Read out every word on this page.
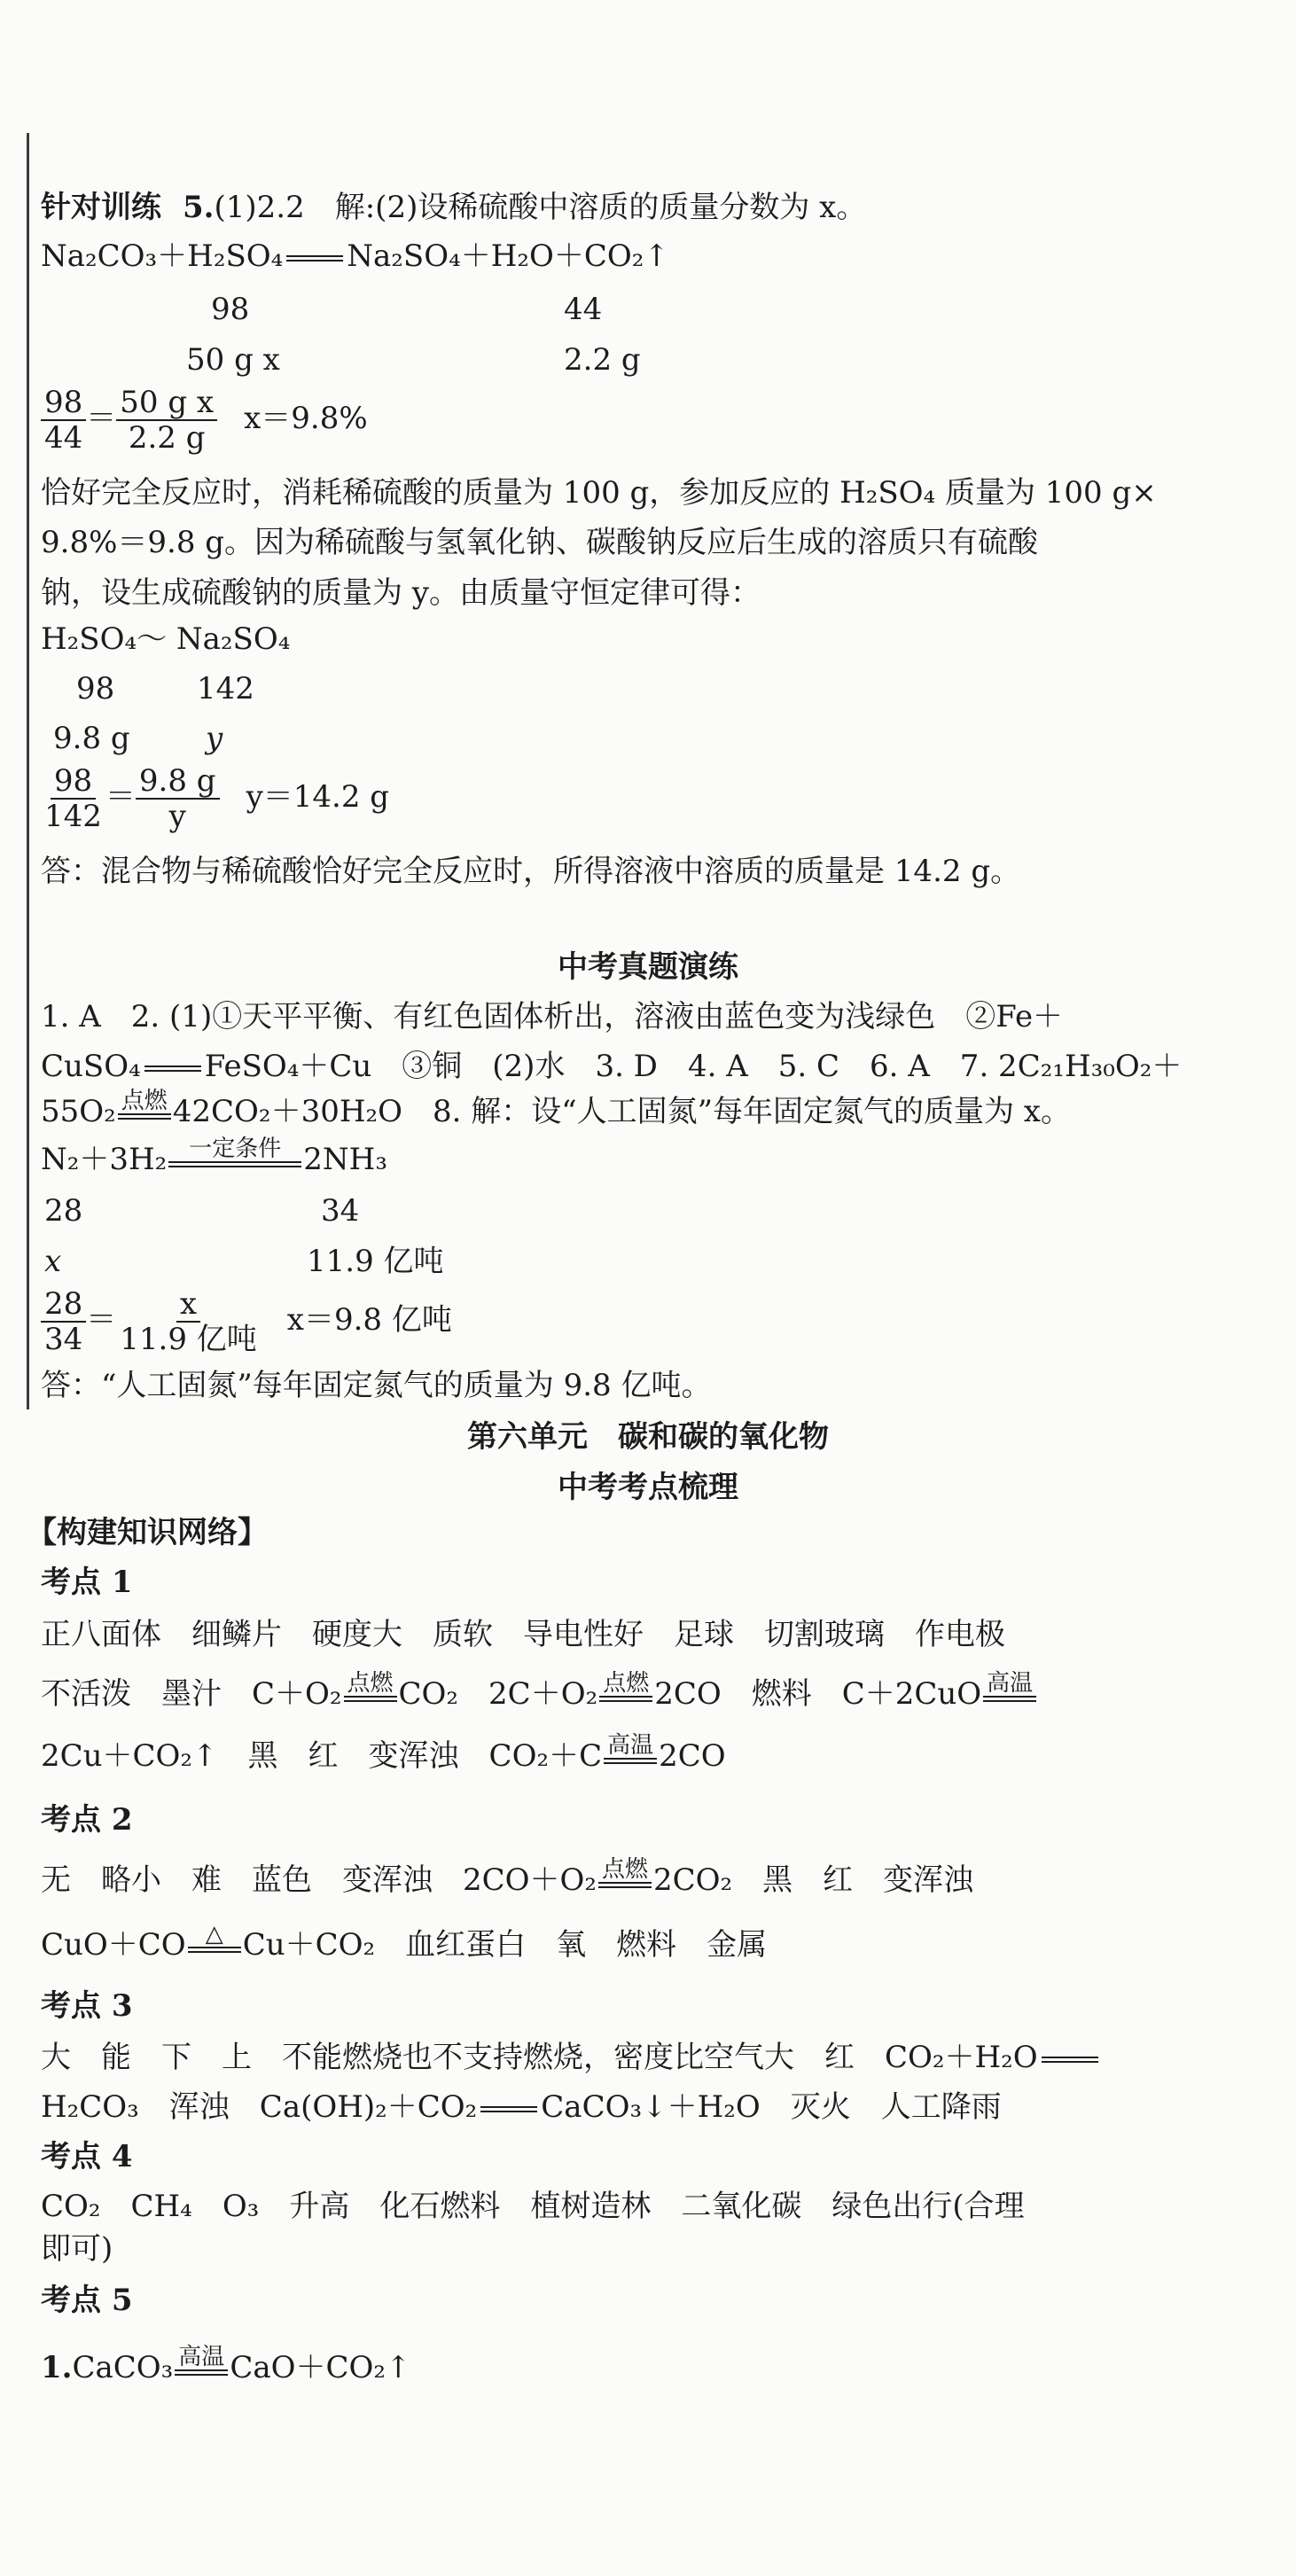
针对训练 5.(1)2.2　解:(2)设稀硫酸中溶质的质量分数为 x。
Na₂CO₃＋H₂SO₄ Na₂SO₄＋H₂O＋CO₂↑
98	44
50 g x	2.2 g
$\frac{98}{44} = \frac{\text{50 g x}}{2.2 g} x=9.8\%$
恰好完全反应时，消耗稀硫酸的质量为 100 g，参加反应的 H₂SO₄ 质量为 100 g×
9.8%＝9.8 g。因为稀硫酸与氢氧化钠、碳酸钠反应后生成的溶质只有硫酸
钠，设生成硫酸钠的质量为 y。由质量守恒定律可得：
H₂SO₄～ Na₂SO₄
98	142
9.8 g	y
$\frac{98}{142} = \frac{9.8 g}{y} y=14.2$ g
答：混合物与稀硫酸恰好完全反应时，所得溶液中溶质的质量是 14.2 g。
中考真题演练
1. A　2. (1)①天平平衡、有红色固体析出，溶液由蓝色变为浅绿色　②Fe＋
CuSO₄ FeSO₄＋Cu　③铜　(2)水　3. D　4. A　5. C　6. A　7. 2C₂₁H₃₀O₂＋
55O₂ 点燃 42CO₂＋30H₂O　8. 解：设“人工固氮”每年固定氮气的质量为 x。
N₂＋3H₂ 一定条件 2NH₃
28	34
x	11.9 亿吨
$\frac{28}{34} = \frac{x}{\text{11.9 亿吨}} x=9.8$ 亿吨
答：“人工固氮”每年固定氮气的质量为 9.8 亿吨。
第六单元　碳和碳的氧化物
中考考点梳理
【构建知识网络】
考点 1
正八面体　细鳞片　硬度大　质软　导电性好　足球　切割玻璃　作电极
不活泼　墨汁　C＋O₂ 点燃 CO₂　2C＋O₂ 点燃 2CO　燃料　C＋2CuO 高温
2Cu＋CO₂↑　黑　红　变浑浊　CO₂＋C 高温 2CO
考点 2
无　略小　难　蓝色　变浑浊　2CO＋O₂ 点燃 2CO₂　黑　红　变浑浊
CuO＋CO △ Cu＋CO₂　血红蛋白　氧　燃料　金属
考点 3
大　能　下　上　不能燃烧也不支持燃烧，密度比空气大　红　CO₂＋H₂O
H₂CO₃　浑浊　Ca(OH)₂＋CO₂ CaCO₃↓＋H₂O　灭火　人工降雨
考点 4
CO₂　CH₄　O₃　升高　化石燃料　植树造林　二氧化碳　绿色出行(合理
即可)
考点 5
1.CaCO₃ 高温 CaO＋CO₂↑
